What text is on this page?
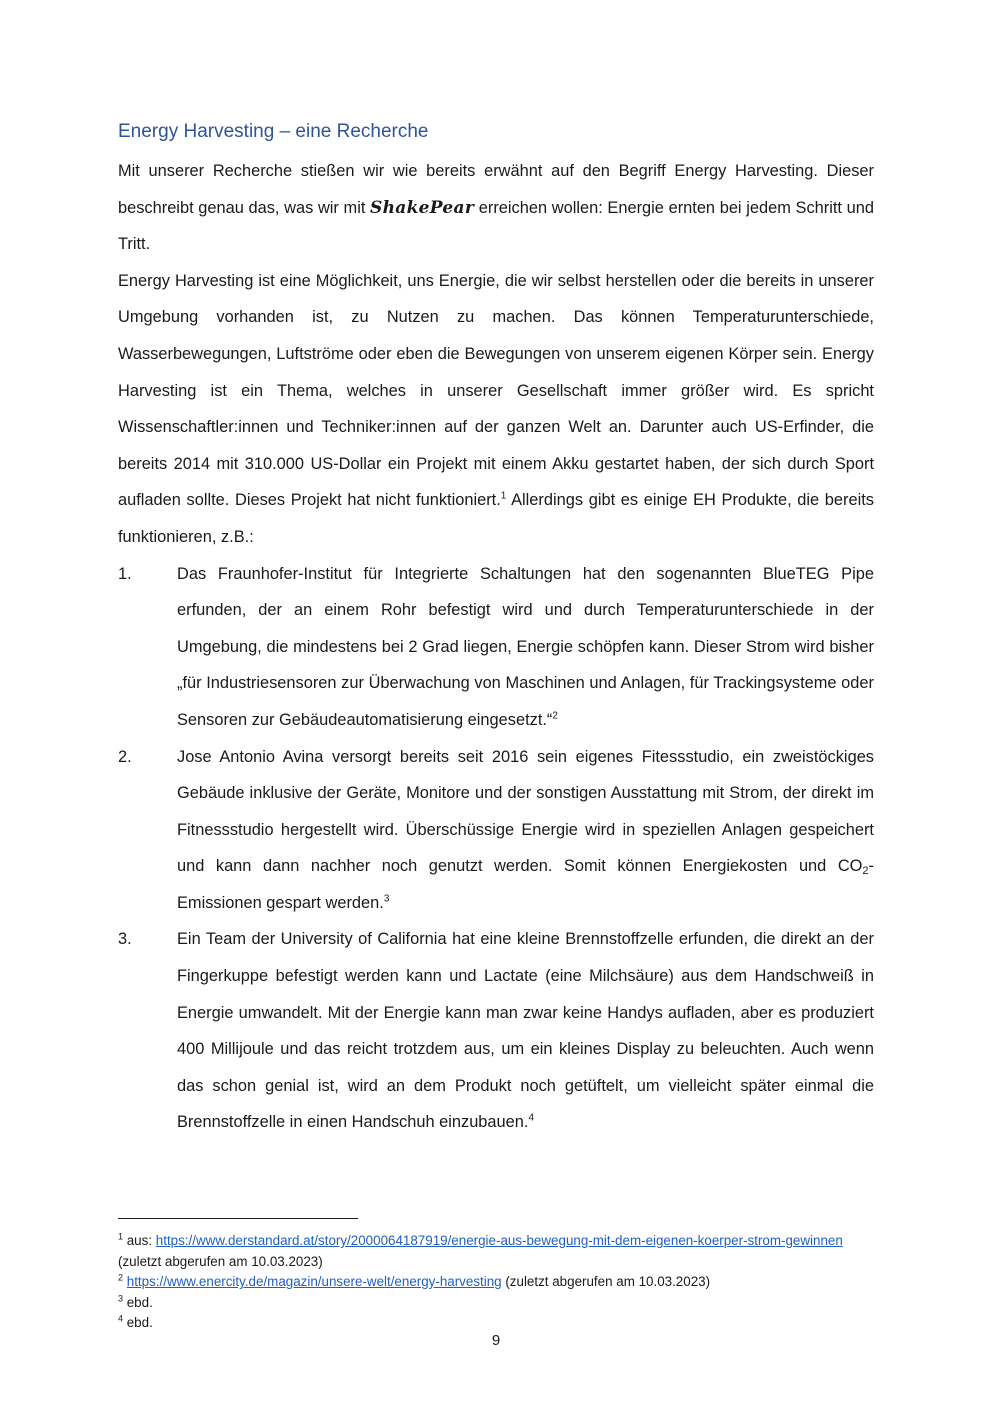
Energy Harvesting – eine Recherche

Mit unserer Recherche stießen wir wie bereits erwähnt auf den Begriff Energy Harvesting. Dieser beschreibt genau das, was wir mit ShakePear erreichen wollen: Energie ernten bei jedem Schritt und Tritt.

Energy Harvesting ist eine Möglichkeit, uns Energie, die wir selbst herstellen oder die bereits in unserer Umgebung vorhanden ist, zu Nutzen zu machen. Das können Temperaturunterschiede, Wasserbewegungen, Luftströme oder eben die Bewegungen von unserem eigenen Körper sein. Energy Harvesting ist ein Thema, welches in unserer Gesellschaft immer größer wird. Es spricht Wissenschaftler:innen und Techniker:innen auf der ganzen Welt an. Darunter auch US-Erfinder, die bereits 2014 mit 310.000 US-Dollar ein Projekt mit einem Akku gestartet haben, der sich durch Sport aufladen sollte. Dieses Projekt hat nicht funktioniert.$^1$ Allerdings gibt es einige EH Produkte, die bereits funktionieren, z.B.:

1.	Das Fraunhofer-Institut für Integrierte Schaltungen hat den sogenannten BlueTEG Pipe erfunden, der an einem Rohr befestigt wird und durch Temperaturunterschiede in der Umgebung, die mindestens bei 2 Grad liegen, Energie schöpfen kann. Dieser Strom wird bisher „für Industriesensoren zur Überwachung von Maschinen und Anlagen, für Trackingsysteme oder Sensoren zur Gebäudeautomatisierung eingesetzt.“$^2$
2.	Jose Antonio Avina versorgt bereits seit 2016 sein eigenes Fitessstudio, ein zweistöckiges Gebäude inklusive der Geräte, Monitore und der sonstigen Ausstattung mit Strom, der direkt im Fitnessstudio hergestellt wird. Überschüssige Energie wird in speziellen Anlagen gespeichert und kann dann nachher noch genutzt werden. Somit können Energiekosten und CO2-Emissionen gespart werden.$^3$
3.	Ein Team der University of California hat eine kleine Brennstoffzelle erfunden, die direkt an der Fingerkuppe befestigt werden kann und Lactate (eine Milchsäure) aus dem Handschweiß in Energie umwandelt. Mit der Energie kann man zwar keine Handys aufladen, aber es produziert 400 Millijoule und das reicht trotzdem aus, um ein kleines Display zu beleuchten. Auch wenn das schon genial ist, wird an dem Produkt noch getüftelt, um vielleicht später einmal die Brennstoffzelle in einen Handschuh einzubauen.$^4$

$^1$ aus: https://www.derstandard.at/story/2000064187919/energie-aus-bewegung-mit-dem-eigenen-koerper-strom-gewinnen (zuletzt abgerufen am 10.03.2023)

$^2$ https://www.enercity.de/magazin/unsere-welt/energy-harvesting (zuletzt abgerufen am 10.03.2023)

$^3$ ebd.

$^4$ ebd.

9
